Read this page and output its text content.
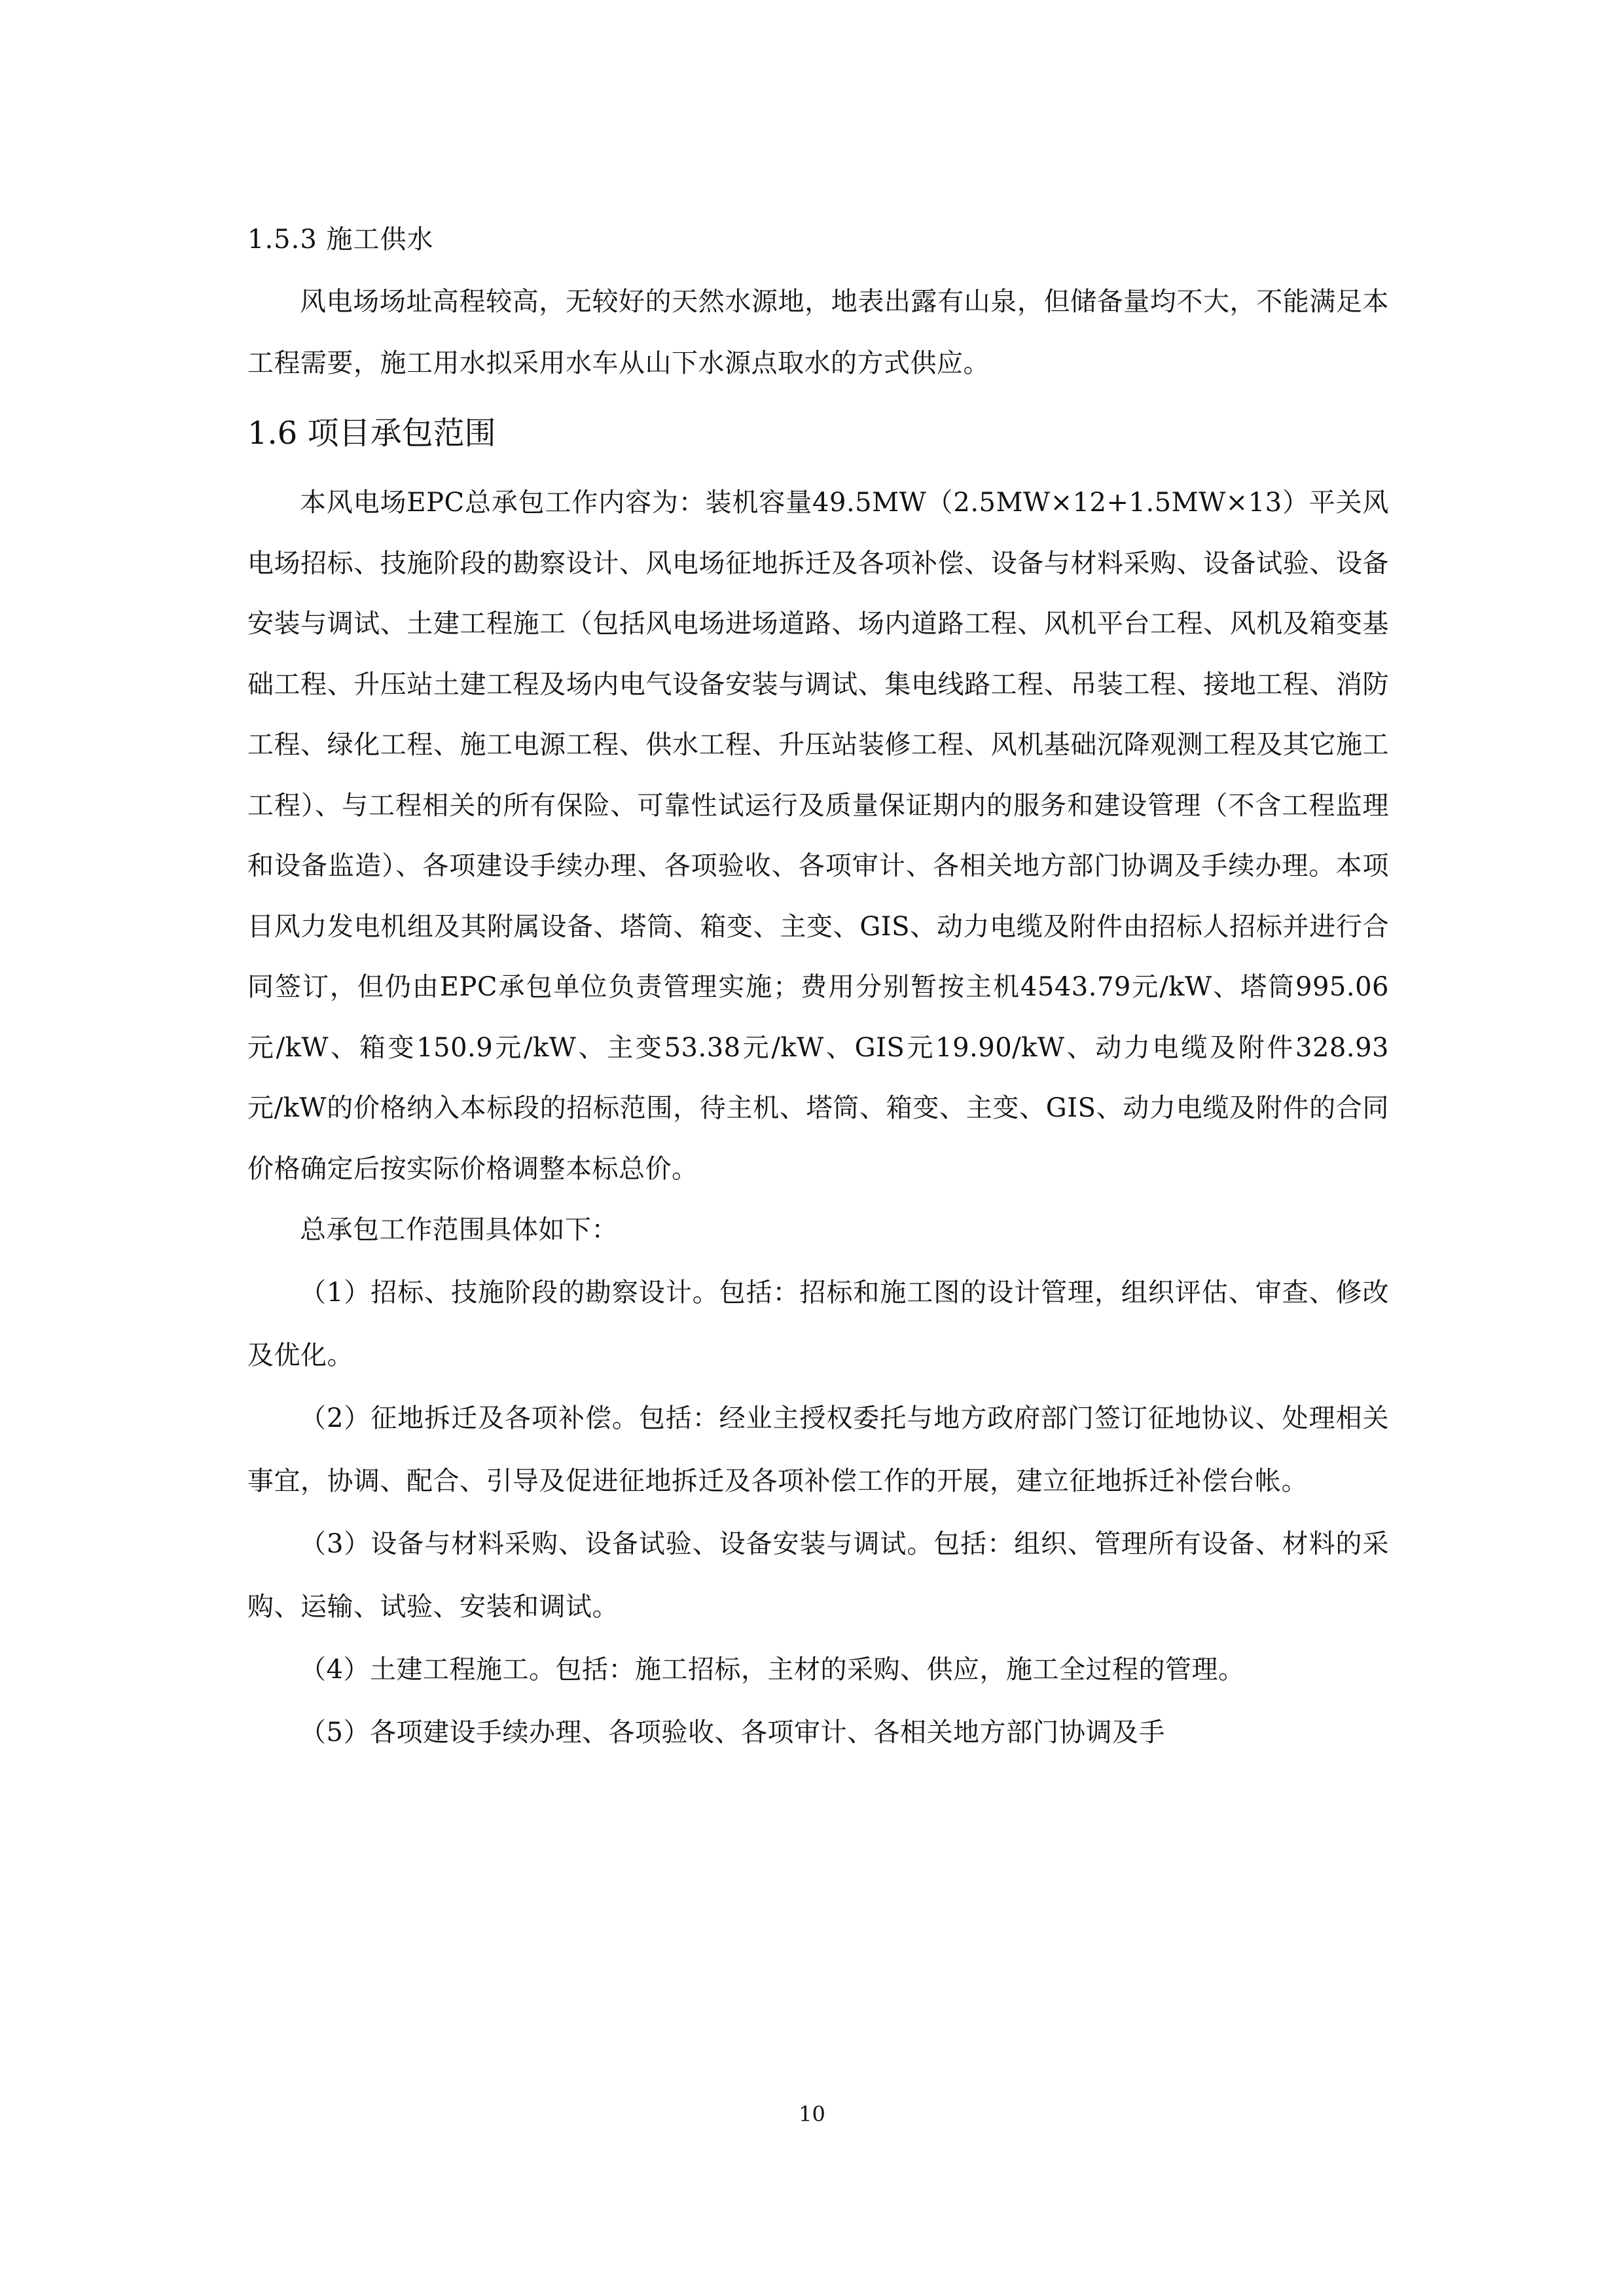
1.5.3 施工供水

风电场场址高程较高，无较好的天然水源地，地表出露有山泉，但储备量均不大，不能满足本工程需要，施工用水拟采用水车从山下水源点取水的方式供应。

1.6 项目承包范围

本风电场EPC总承包工作内容为：装机容量49.5MW（2.5MW×12+1.5MW×13）平关风电场招标、技施阶段的勘察设计、风电场征地拆迁及各项补偿、设备与材料采购、设备试验、设备安装与调试、土建工程施工（包括风电场进场道路、场内道路工程、风机平台工程、风机及箱变基础工程、升压站土建工程及场内电气设备安装与调试、集电线路工程、吊装工程、接地工程、消防工程、绿化工程、施工电源工程、供水工程、升压站装修工程、风机基础沉降观测工程及其它施工工程）、与工程相关的所有保险、可靠性试运行及质量保证期内的服务和建设管理（不含工程监理和设备监造）、各项建设手续办理、各项验收、各项审计、各相关地方部门协调及手续办理。本项目风力发电机组及其附属设备、塔筒、箱变、主变、GIS、动力电缆及附件由招标人招标并进行合同签订，但仍由EPC承包单位负责管理实施；费用分别暂按主机4543.79元/kW、塔筒995.06元/kW、箱变150.9元/kW、主变53.38元/kW、GIS元19.90/kW、动力电缆及附件328.93元/kW的价格纳入本标段的招标范围，待主机、塔筒、箱变、主变、GIS、动力电缆及附件的合同价格确定后按实际价格调整本标总价。

总承包工作范围具体如下：

（1）招标、技施阶段的勘察设计。包括：招标和施工图的设计管理，组织评估、审查、修改及优化。

（2）征地拆迁及各项补偿。包括：经业主授权委托与地方政府部门签订征地协议、处理相关事宜，协调、配合、引导及促进征地拆迁及各项补偿工作的开展，建立征地拆迁补偿台帐。

（3）设备与材料采购、设备试验、设备安装与调试。包括：组织、管理所有设备、材料的采购、运输、试验、安装和调试。

（4）土建工程施工。包括：施工招标，主材的采购、供应，施工全过程的管理。

（5）各项建设手续办理、各项验收、各项审计、各相关地方部门协调及手

10
